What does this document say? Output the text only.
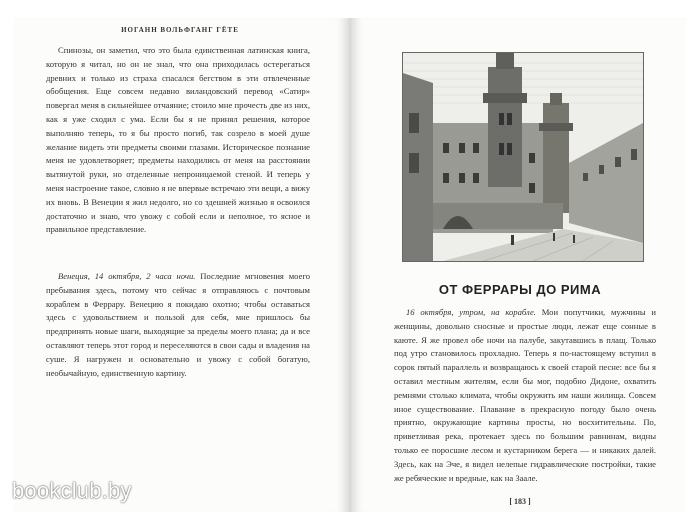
ИОГАНН ВОЛЬФГАНГ ГЁТЕ

Спинозы, он заметил, что это была единственная латинская книга, которую я читал, но он не знал, что она приходилась остерегаться древних и только из страха спасался бегством в эти отвлеченные обобщения. Еще совсем недавно виландовский перевод «Сатир» повергал меня в сильнейшее отчаяние; стоило мне прочесть две из них, как я уже сходил с ума. Если бы я не принял решения, которое выполняю теперь, то я бы просто погиб, так созрело в моей душе желание видеть эти предметы своими глазами. Историческое познание меня не удовлетворяет; предметы находились от меня на расстоянии вытянутой руки, но отделенные непроницаемой стеной. И теперь у меня настроение такое, словно я не впервые встречаю эти вещи, а вижу их вновь. В Венеции я жил недолго, но со здешней жизнью я освоился достаточно и знаю, что увожу с собой если и неполное, то ясное и правильное представление.

Венеция, 14 октября, 2 часа ночи. Последние мгновения моего пребывания здесь, потому что сейчас я отправляюсь с почтовым кораблем в Феррару. Венецию я покидаю охотно; чтобы оставаться здесь с удовольствием и пользой для себя, мне пришлось бы предпринять новые шаги, выходящие за пределы моего плана; да и все оставляют теперь этот город и переселяются в свои сады и владения на суше. Я нагружен и основательно и увожу с собой богатую, необычайную, единственную картину.

ОТ ФЕРРАРЫ ДО РИМА

16 октября, утром, на корабле. Мои попутчики, мужчины и женщины, довольно сносные и простые люди, лежат еще сонные в каюте. Я же провел обе ночи на палубе, закутавшись в плащ. Только под утро становилось прохладно. Теперь я по-настоящему вступил в сорок пятый параллель и возвращаюсь к своей старой песне: все бы я оставил местным жителям, если бы мог, подобно Дидоне, охватить ремнями столько климата, чтобы окружить им наши жилища. Совсем иное существование. Плавание в прекрасную погоду было очень приятно, окружающие картины просты, но восхитительны. По, приветливая река, протекает здесь по большим равнинам, видны только ее поросшие лесом и кустарником берега — и никаких далей. Здесь, как на Эче, я видел нелепые гидравлические постройки, такие же ребяческие и вредные, как на Заале.

[ 183 ]
bookclub.by
